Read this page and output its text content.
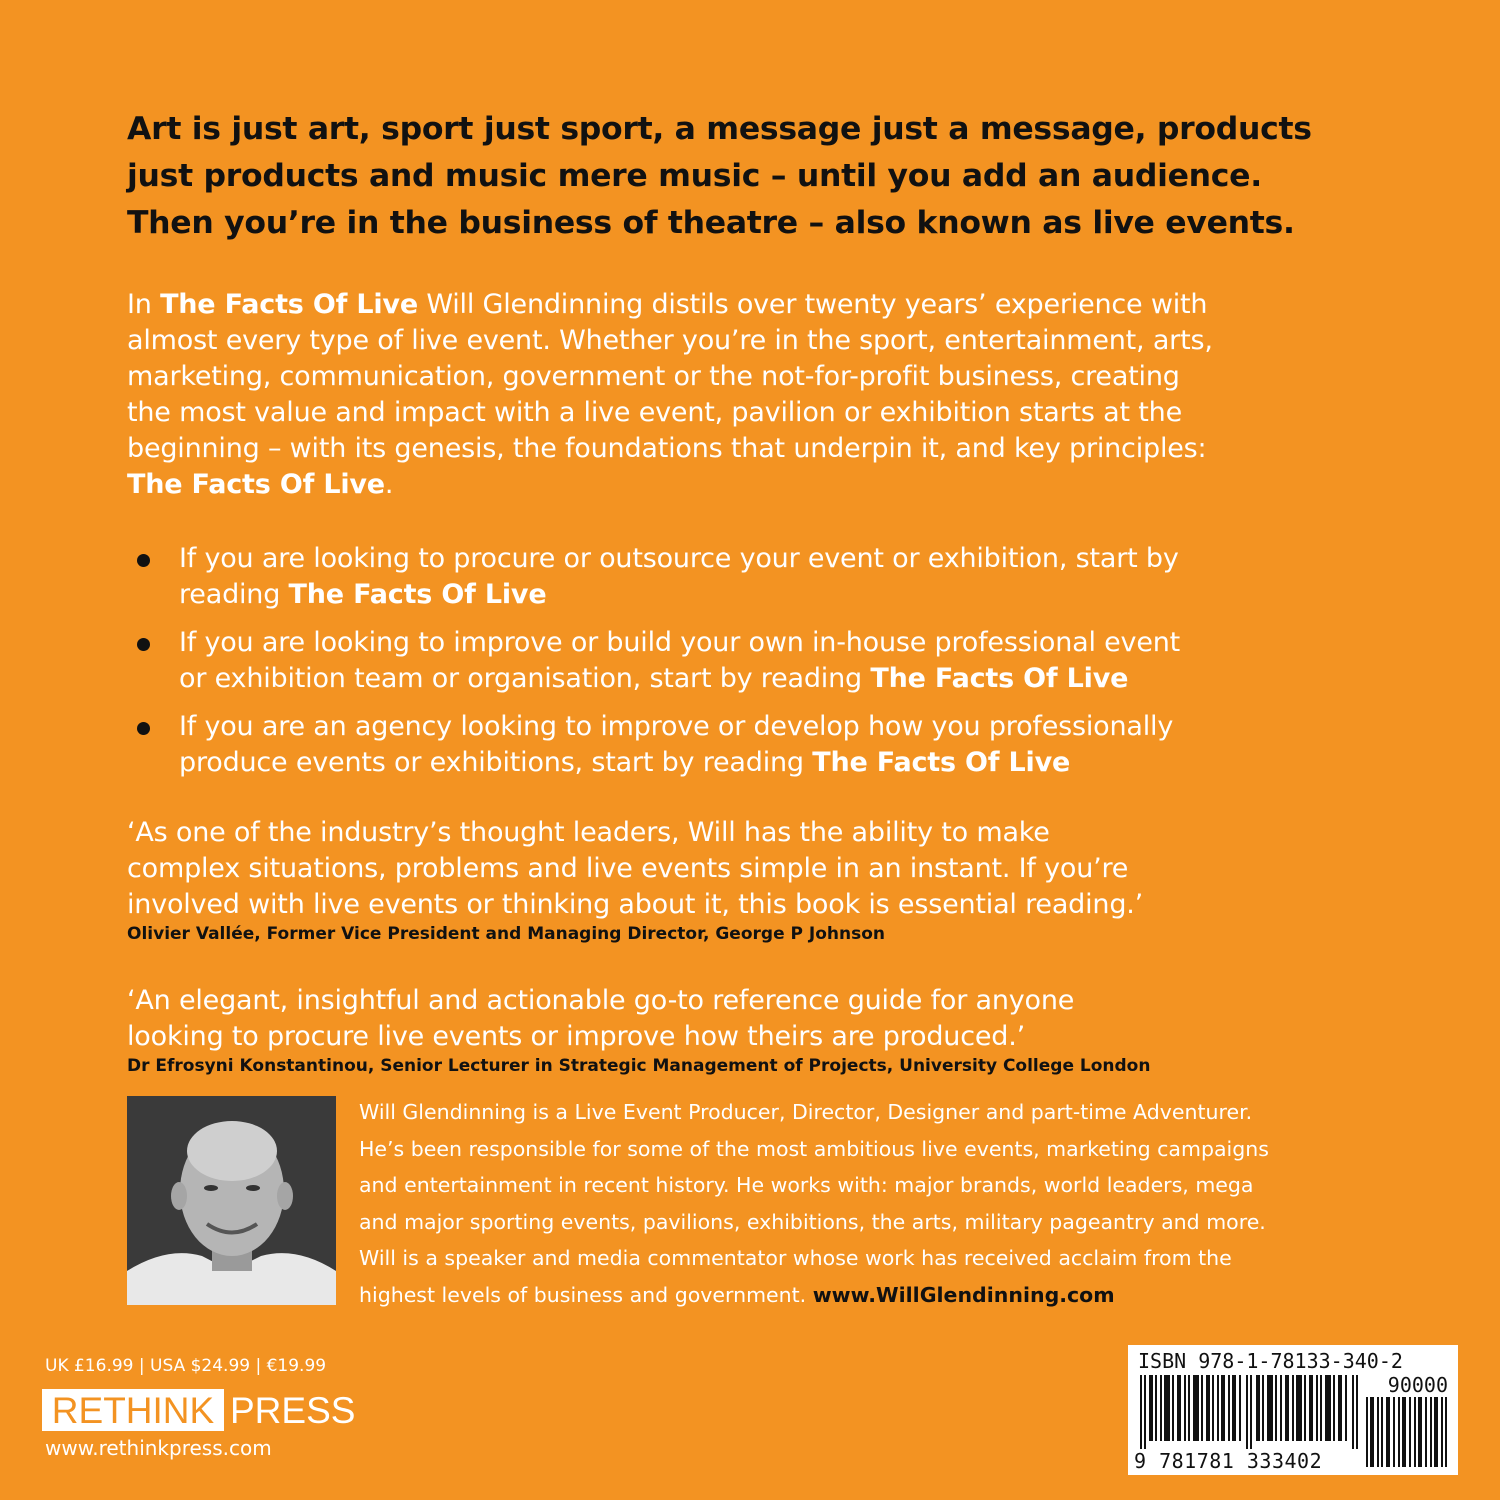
Art is just art, sport just sport, a message just a message, products
just products and music mere music – until you add an audience.
Then you’re in the business of theatre – also known as live events.
In The Facts Of Live Will Glendinning distils over twenty years’ experience with
almost every type of live event. Whether you’re in the sport, entertainment, arts,
marketing, communication, government or the not-for-profit business, creating
the most value and impact with a live event, pavilion or exhibition starts at the
beginning – with its genesis, the foundations that underpin it, and key principles:
The Facts Of Live.
If you are looking to procure or outsource your event or exhibition, start by
reading The Facts Of Live
If you are looking to improve or build your own in-house professional event
or exhibition team or organisation, start by reading The Facts Of Live
If you are an agency looking to improve or develop how you professionally
produce events or exhibitions, start by reading The Facts Of Live
‘As one of the industry’s thought leaders, Will has the ability to make
complex situations, problems and live events simple in an instant. If you’re
involved with live events or thinking about it, this book is essential reading.’
Olivier Vallée, Former Vice President and Managing Director, George P Johnson
‘An elegant, insightful and actionable go-to reference guide for anyone
looking to procure live events or improve how theirs are produced.’
Dr Efrosyni Konstantinou, Senior Lecturer in Strategic Management of Projects, University College London
Will Glendinning is a Live Event Producer, Director, Designer and part-time Adventurer.
He’s been responsible for some of the most ambitious live events, marketing campaigns
and entertainment in recent history. He works with: major brands, world leaders, mega
and major sporting events, pavilions, exhibitions, the arts, military pageantry and more.
Will is a speaker and media commentator whose work has received acclaim from the
highest levels of business and government. www.WillGlendinning.com
UK £16.99 | USA $24.99 | €19.99
RETHINK PRESS
www.rethinkpress.com
ISBN 978-1-78133-340-2
90000
9 781781 333402
